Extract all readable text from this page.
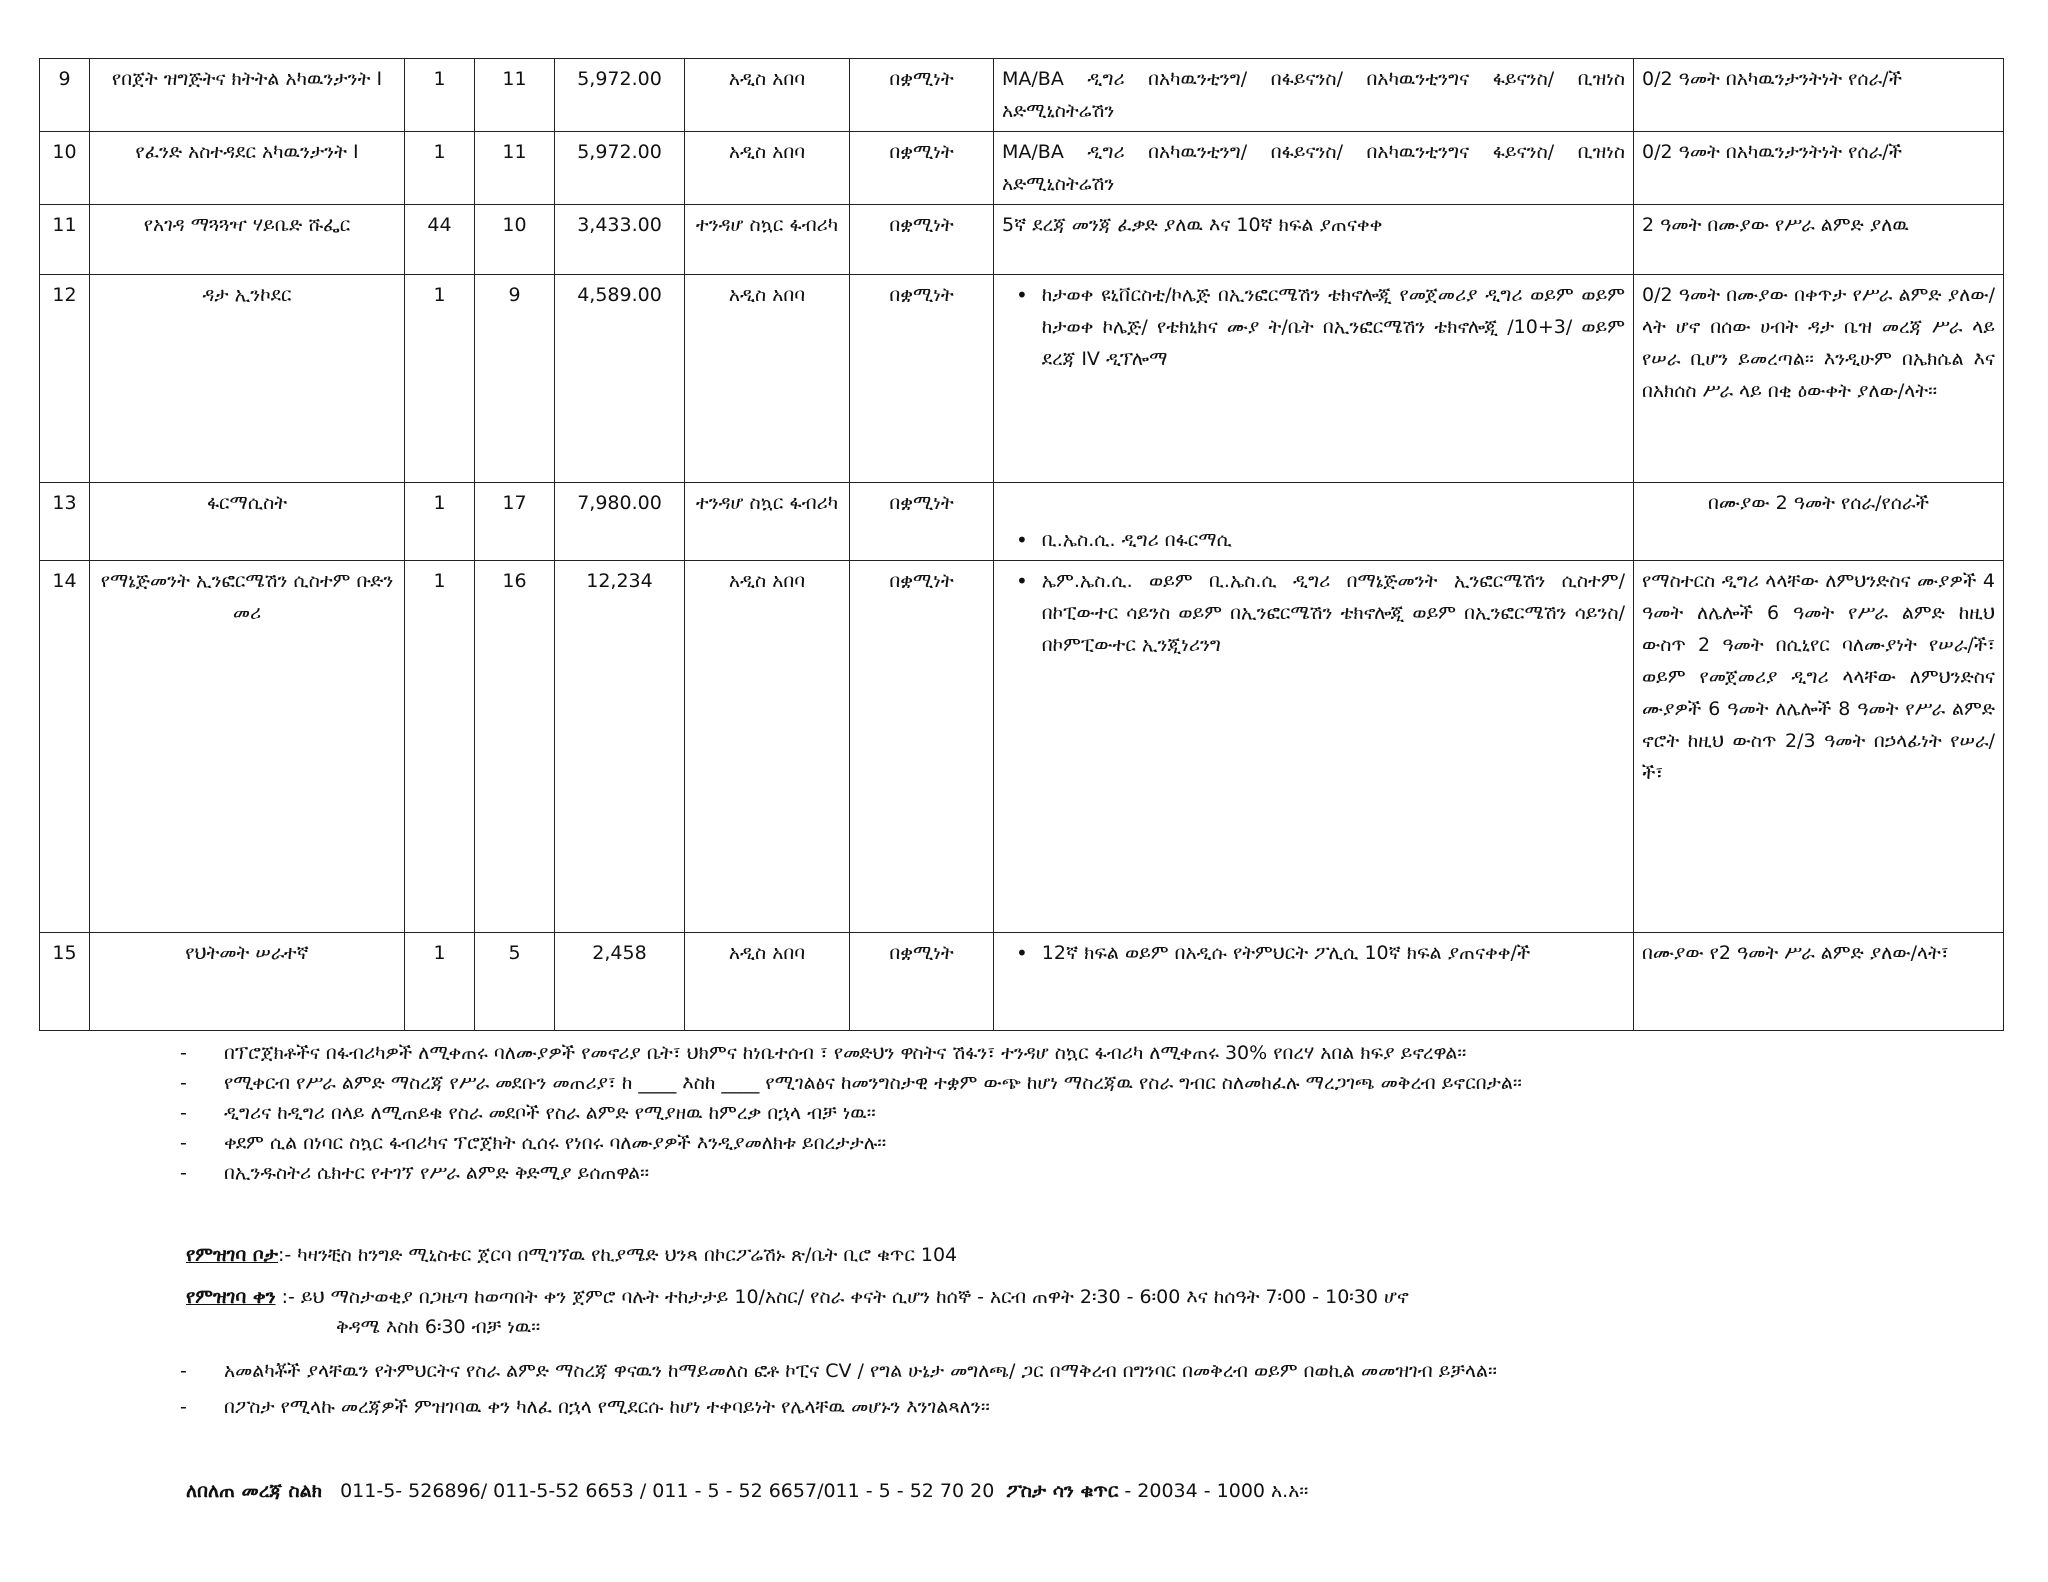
9	የበጀት ዝግጅትና ክትትል አካዉንታንት I	1	11	5,972.00	አዲስ አበባ	በቋሚነት	MA/BA ዲግሪ በአካዉንቲንግ/ በፋይናንስ/ በአካዉንቲንግና ፋይናንስ/ ቢዝነስ አድሚኒስትሬሽን	0/2 ዓመት በአካዉንታንትነት የሰራ/ች
10	የፈንድ አስተዳደር አካዉንታንት I	1	11	5,972.00	አዲስ አበባ	በቋሚነት	MA/BA ዲግሪ በአካዉንቲንግ/ በፋይናንስ/ በአካዉንቲንግና ፋይናንስ/ ቢዝነስ አድሚኒስትሬሽን	0/2 ዓመት በአካዉንታንትነት የሰራ/ች
11	የአገዳ ማጓጓዣ ሃይቤድ ሹፌር	44	10	3,433.00	ተንዳሆ ስኳር ፋብሪካ	በቋሚነት	5ኛ ደረጃ መንጃ ፈቃድ ያለዉ እና 10ኛ ክፍል ያጠናቀቀ	2 ዓመት በሙያው የሥራ ልምድ ያለዉ
12	ዳታ ኢንኮደር	1	9	4,589.00	አዲስ አበባ	በቋሚነት	• ከታወቀ ዩኒቨርስቲ/ኮሌጅ በኢንፎርሜሽን ቴክኖሎጂ የመጀመሪያ ዲግሪ ወይም ወይም ከታወቀ ኮሌጅ/ የቴክኒክና ሙያ ት/ቤት በኢንፎርሜሽን ቴክኖሎጂ /10+3/ ወይም ደረጃ IV ዲፕሎማ	0/2 ዓመት በሙያው በቀጥታ የሥራ ልምድ ያለው/ላት ሆኖ በሰው ሀብት ዳታ ቤዝ መረጃ ሥራ ላይ የሠራ ቢሆን ይመረጣል፡፡ እንዲሁም በኤክሴል እና በአክሰስ ሥራ ላይ በቂ ዕውቀት ያለው/ላት፡፡
13	ፋርማሲስት	1	17	7,980.00	ተንዳሆ ስኳር ፋብሪካ	በቋሚነት	• ቢ.ኤስ.ሲ. ዲግሪ በፋርማሲ	በሙያው 2 ዓመት የሰራ/የሰራች
14	የማኔጅመንት ኢንፎርሜሽን ሲስተም ቡድን መሪ	1	16	12,234	አዲስ አበባ	በቋሚነት	• ኤም.ኤስ.ሲ. ወይም ቢ.ኤስ.ሲ ዲግሪ በማኔጅመንት ኢንፎርሜሽን ሲስተም/በኮፒውተር ሳይንስ ወይም በኢንፎርሜሽን ቴክኖሎጂ ወይም በኢንፎርሜሽን ሳይንስ/ በኮምፒውተር ኢንጂነሪንግ	የማስተርስ ዲግሪ ላላቸው ለምህንድስና ሙያዎች 4 ዓመት ለሌሎች 6 ዓመት የሥራ ልምድ ከዚህ ውስጥ 2 ዓመት በሲኒየር ባለሙያነት የሠራ/ች፣ ወይም የመጀመሪያ ዲግሪ ላላቸው ለምህንድስና ሙያዎች 6 ዓመት ለሌሎች 8 ዓመት የሥራ ልምድ ኖሮት ከዚህ ውስጥ 2/3 ዓመት በኃላፊነት የሠራ/ች፣
15	የህትመት ሠራተኛ	1	5	2,458	አዲስ አበባ	በቋሚነት	• 12ኛ ክፍል ወይም በአዲሱ የትምህርት ፖሊሲ 10ኛ ክፍል ያጠናቀቀ/ች	በሙያው የ2 ዓመት ሥራ ልምድ ያለው/ላት፣
-	በፕሮጀክቶችና በፋብሪካዎች ለሚቀጠሩ ባለሙያዎች የመኖሪያ ቤት፣ ህክምና ከነቤተሰብ ፣ የመድህን ዋስትና ሽፋን፣ ተንዳሆ ስኳር ፋብሪካ ለሚቀጠሩ 30% የበረሃ አበል ክፍያ ይኖረዋል፡፡
-	የሚቀርብ የሥራ ልምድ ማስረጃ የሥራ መደቡን መጠሪያ፣ ከ ____ እስከ ____ የሚገልፅና ከመንግስታዊ ተቋም ውጭ ከሆነ ማስረጃዉ የስራ ግብር ስለመከፈሉ ማረጋገጫ መቅረብ ይኖርበታል፡፡
-	ዲግሪና ከዲግሪ በላይ ለሚጠይቁ የስራ መደቦች የስራ ልምድ የሚያዘዉ ከምረቃ በኋላ ብቻ ነዉ፡፡
-	ቀደም ሲል በነባር ስኳር ፋብሪካና ፕሮጀክት ሲሰሩ የነበሩ ባለሙያዎች እንዲያመለክቱ ይበረታታሉ፡፡
-	በኢንዱስትሪ ሴክተር የተገኘ የሥራ ልምድ ቅድሚያ ይሰጠዋል፡፡
የምዝገባ ቦታ:- ካዛንቺስ ከንግድ ሚኒስቴር ጀርባ በሚገኘዉ የኪያሜድ ህንጻ በኮርፖሬሽኑ ጽ/ቤት ቢሮ ቁጥር 104
የምዝገባ ቀን :- ይህ ማስታወቂያ በጋዜጣ ከወጣበት ቀን ጀምሮ ባሉት ተከታታይ 10/አስር/ የስራ ቀናት ሲሆን ከሰኞ - አርብ ጠዋት 2፡30 - 6፡00 እና ከሰዓት 7፡00 - 10፡30 ሆኖ
ቅዳሜ እስከ 6፡30 ብቻ ነዉ፡፡
-	አመልካቾች ያላቸዉን የትምህርትና የስራ ልምድ ማስረጃ ዋናዉን ከማይመለስ ፎቶ ኮፒና CV / የግል ሁኔታ መግለጫ/ ጋር በማቅረብ በግንባር በመቅረብ ወይም በወኪል መመዝገብ ይቻላል፡፡
-	በፖስታ የሚላኩ መረጃዎች ምዝገባዉ ቀን ካለፈ በኋላ የሚደርሱ ከሆነ ተቀባይነት የሌላቸዉ መሆኑን እንገልጻለን፡፡
ለበለጠ መረጃ ስልክ 011-5- 526896/ 011-5-52 6653 / 011 - 5 - 52 6657/011 - 5 - 52 70 20 ፖስታ ሳን ቁጥር - 20034 - 1000 አ.አ፡፡
